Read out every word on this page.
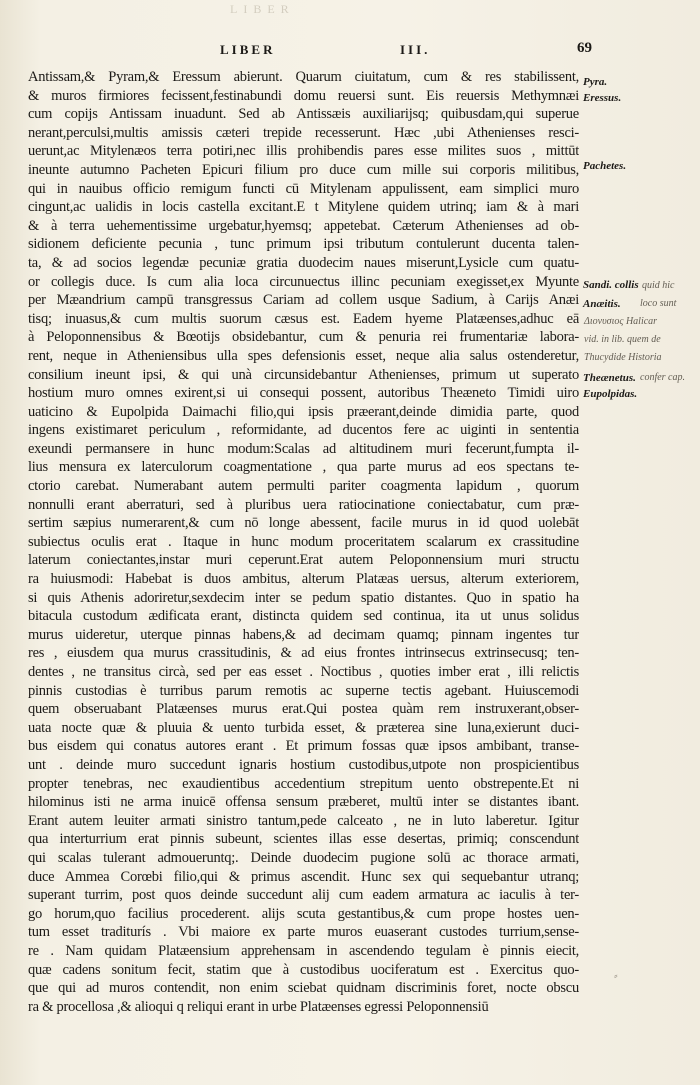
LIBER
LIBER	III.	69
Antissam,& Pyram,& Eressum abierunt. Quarum ciuitatum, cum & res stabilissent,
& muros firmiores fecissent,festinabundi domu reuersi sunt. Eis reuersis Methymnæi
cum copijs Antissam inuadunt. Sed ab Antissæis auxiliarijsq; quibusdam,qui superue
nerant,perculsi,multis amissis cæteri trepide recesserunt. Hæc ,ubi Athenienses resci-
uerunt,ac Mitylenæos terra potiri,nec illis prohibendis pares esse milites suos , mittūt
ineunte autumno Pacheten Epicuri filium pro duce cum mille sui corporis militibus,
qui in nauibus officio remigum functi cū Mitylenam appulissent, eam simplici muro
cingunt,ac ualidis in locis castella excitant.E t Mitylene quidem utrinq; iam & à mari
& à terra uehementissime urgebatur,hyemsq; appetebat. Cæterum Athenienses ad ob-
sidionem deficiente pecunia , tunc primum ipsi tributum contulerunt ducenta talen-
ta, & ad socios legendæ pecuniæ gratia duodecim naues miserunt,Lysicle cum quatu-
or collegis duce. Is cum alia loca circunuectus illinc pecuniam exegisset,ex Myunte
per Mæandrium campū transgressus Cariam ad collem usque Sadium, à Carijs Anæi
tisq; inuasus,& cum multis suorum cæsus est. Eadem hyeme Platæenses,adhuc eā
à Peloponnensibus & Bœotijs obsidebantur, cum & penuria rei frumentariæ labora-
rent, neque in Atheniensibus ulla spes defensionis esset, neque alia salus ostenderetur,
consilium ineunt ipsi, & qui unà circunsidebantur Athenienses, primum ut superato
hostium muro omnes exirent,si ui consequi possent, autoribus Theæneto Timidi uiro
uaticino & Eupolpida Daimachi filio,qui ipsis præerant,deinde dimidia parte, quod
ingens existimaret periculum , reformidante, ad ducentos fere ac uiginti in sententia
exeundi permansere in hunc modum:Scalas ad altitudinem muri fecerunt,fumpta il-
lius mensura ex laterculorum coagmentatione , qua parte murus ad eos spectans te-
ctorio carebat. Numerabant autem permulti pariter coagmenta lapidum , quorum
nonnulli erant aberraturi, sed à pluribus uera ratiocinatione coniectabatur, cum præ-
sertim sæpius numerarent,& cum nō longe abessent, facile murus in id quod uolebāt
subiectus oculis erat . Itaque in hunc modum proceritatem scalarum ex crassitudine
laterum coniectantes,instar muri ceperunt.Erat autem Peloponnensium muri structu
ra huiusmodi: Habebat is duos ambitus, alterum Platæas uersus, alterum exteriorem,
si quis Athenis adoriretur,sexdecim inter se pedum spatio distantes. Quo in spatio ha
bitacula custodum ædificata erant, distincta quidem sed continua, ita ut unus solidus
murus uideretur, uterque pinnas habens,& ad decimam quamq; pinnam ingentes tur
res , eiusdem qua murus crassitudinis, & ad eius frontes intrinsecus extrinsecusq; ten-
dentes , ne transitus circà, sed per eas esset . Noctibus , quoties imber erat , illi relictis
pinnis custodias è turribus parum remotis ac superne tectis agebant. Huiuscemodi
quem obseruabant Platæenses murus erat.Qui postea quàm rem instruxerant,obser-
uata nocte quæ & pluuia & uento turbida esset, & præterea sine luna,exierunt duci-
bus eisdem qui conatus autores erant . Et primum fossas quæ ipsos ambibant, transe-
unt . deinde muro succedunt ignaris hostium custodibus,utpote non prospicientibus
propter tenebras, nec exaudientibus accedentium strepitum uento obstrepente.Et ni
hilominus isti ne arma inuicē offensa sensum præberet, multū inter se distantes ibant.
Erant autem leuiter armati sinistro tantum,pede calceato , ne in luto laberetur. Igitur
qua interturrium erat pinnis subeunt, scientes illas esse desertas, primiq; conscendunt
qui scalas tulerant admoueruntq;. Deinde duodecim pugione solū ac thorace armati,
duce Ammea Corœbi filio,qui & primus ascendit. Hunc sex qui sequebantur utranq;
superant turrim, post quos deinde succedunt alij cum eadem armatura ac iaculis à ter-
go horum,quo facilius procederent. alijs scuta gestantibus,& cum prope hostes uen-
tum esset traditurís . Vbi maiore ex parte muros euaserant custodes turrium,sense-
re . Nam quidam Platæensium apprehensam in ascendendo tegulam è pinnis eiecit,
quæ cadens sonitum fecit, statim que à custodibus uociferatum est . Exercitus quo-
que qui ad muros contendit, non enim sciebat quidnam discriminis foret, nocte obscu
ra & procellosa ,& alioqui q reliqui erant in urbe Platæenses egressi Peloponnensiū
Pyra.
Eressus.
Pachetes.
Sandi. collis
Anæitis.
Theænetus.
Eupolpidas.
quid hic
loco sunt
Διονυσιος Halicar
vid. in lib. quem de
Thucydide Historia
confer cap.
⸗
